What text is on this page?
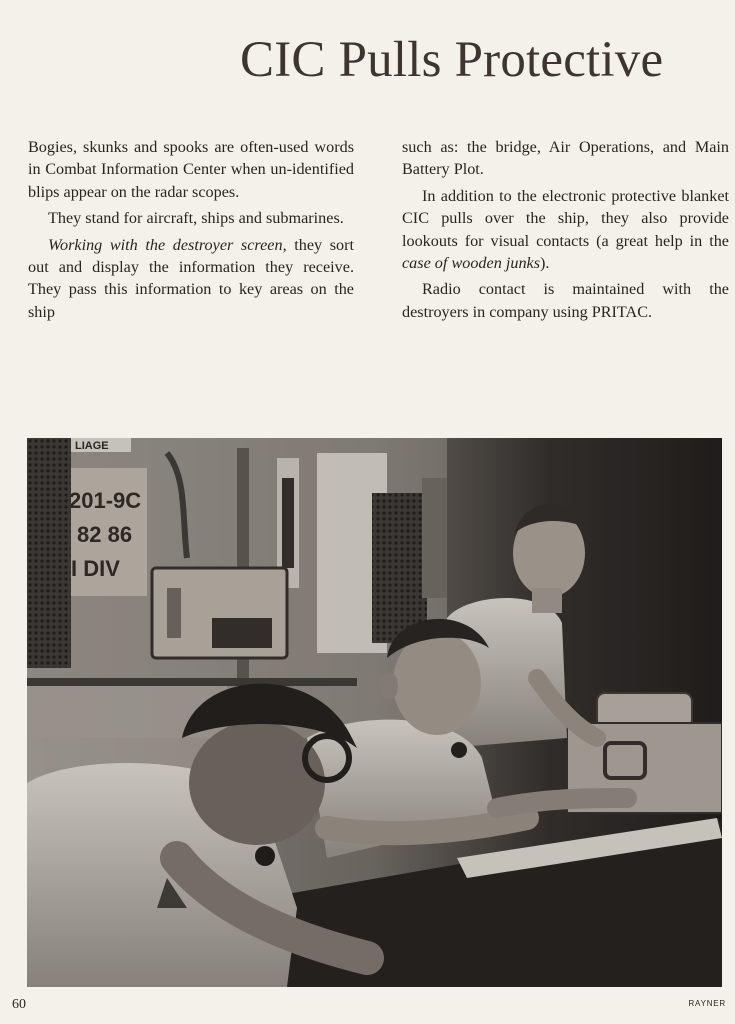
CIC Pulls Protective

Bogies, skunks and spooks are often-used words in Combat Information Center when un-identified blips appear on the radar scopes.

They stand for aircraft, ships and submarines.

Working with the destroyer screen, they sort out and display the information they receive. They pass this information to key areas on the ship

such as: the bridge, Air Operations, and Main Battery Plot.

In addition to the electronic protective blanket CIC pulls over the ship, they also provide lookouts for visual contacts (a great help in the case of wooden junks).

Radio contact is maintained with the destroyers in company using PRITAC.

LIAGE
201-9C
82 86
I DIV
60	RAYNER
